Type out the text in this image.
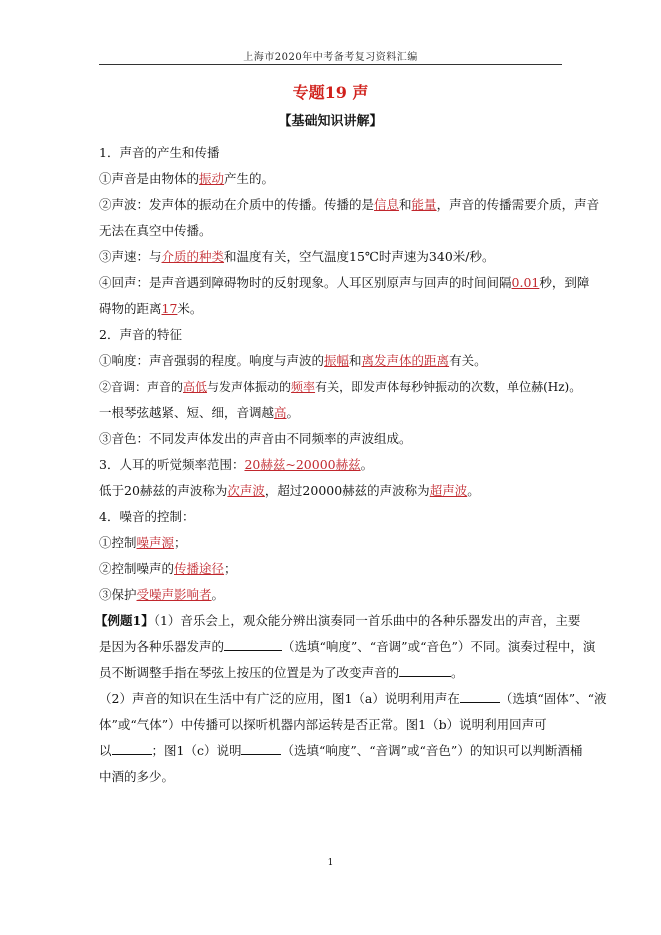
上海市2020年中考备考复习资料汇编
专题19 声
【基础知识讲解】
1．声音的产生和传播
①声音是由物体的振动产生的。
②声波：发声体的振动在介质中的传播。传播的是信息和能量，声音的传播需要介质，声音
无法在真空中传播。
③声速：与介质的种类和温度有关，空气温度15℃时声速为340米/秒。
④回声：是声音遇到障碍物时的反射现象。人耳区别原声与回声的时间间隔0.01秒，到障
碍物的距离17米。
2．声音的特征
①响度：声音强弱的程度。响度与声波的振幅和离发声体的距离有关。
②音调：声音的高低与发声体振动的频率有关，即发声体每秒钟振动的次数，单位赫(Hz)。
一根琴弦越紧、短、细，音调越高。
③音色：不同发声体发出的声音由不同频率的声波组成。
3．人耳的听觉频率范围：20赫兹~20000赫兹。
低于20赫兹的声波称为次声波，超过20000赫兹的声波称为超声波。
4．噪音的控制：
①控制噪声源；
②控制噪声的传播途径；
③保护受噪声影响者。
【例题1】（1）音乐会上，观众能分辨出演奏同一首乐曲中的各种乐器发出的声音，主要
是因为各种乐器发声的	（选填“响度”、“音调”或“音色”）不同。演奏过程中，演
员不断调整手指在琴弦上按压的位置是为了改变声音的	。
（2）声音的知识在生活中有广泛的应用，图1（a）说明利用声在	（选填“固体”、“液
体”或“气体”）中传播可以探听机器内部运转是否正常。图1（b）说明利用回声可
以	；图1（c）说明	（选填“响度”、“音调”或“音色”）的知识可以判断酒桶
中酒的多少。
1
